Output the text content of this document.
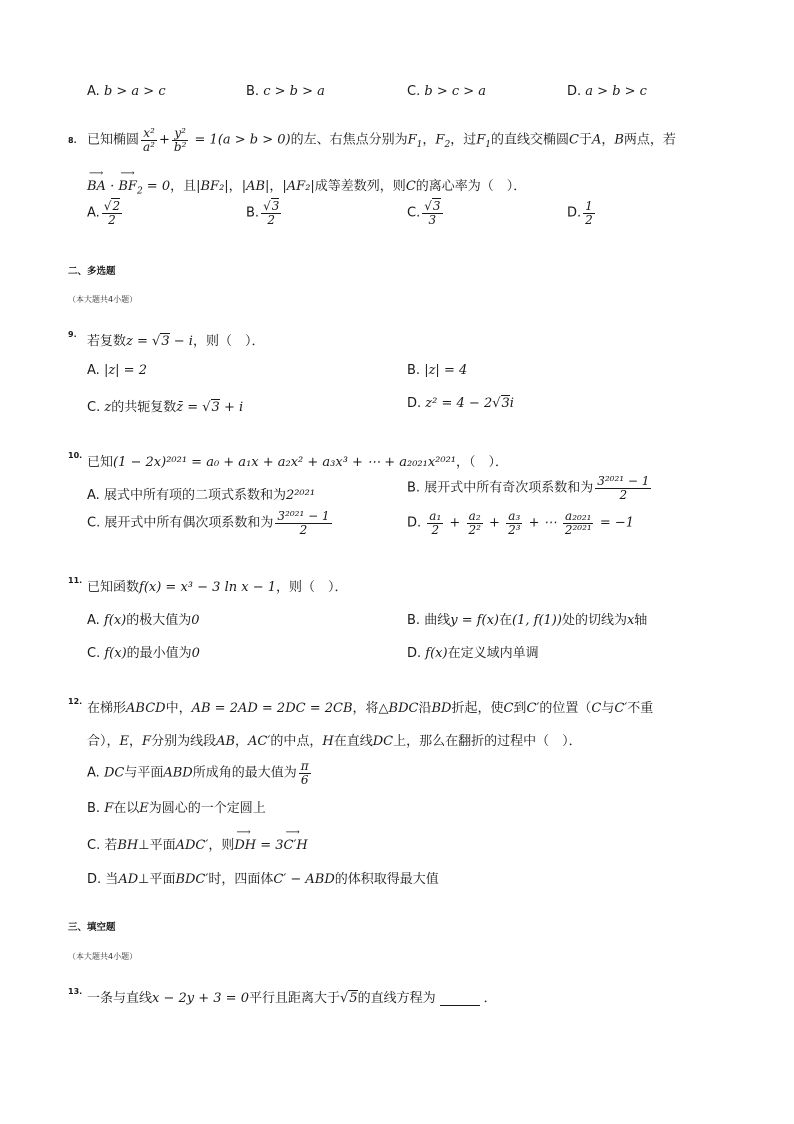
A. b > a > c	B. c > b > a	C. b > c > a	D. a > b > c
8. 已知椭圆 $\frac{\text{x²}}{\text{a²}} + \frac{\text{y²}}{\text{b²}} = 1(a > b > 0)$的左、右焦点分别为$F_1$，$F_2$，过$F_1$的直线交椭圆C于A，B两点，若
⟶ BA · ⟶ $BF_2 = 0$，且|BF₂|，|AB|，|AF₂|成等差数列，则C的离心率为（　）．
A. $\frac{√2}{2}$	B. $\frac{√3}{2}$	C. $\frac{√3}{3}$	D. $\frac{1}{2}$
二、多选题
（本大题共4小题）
9. 若复数z = √3 − i，则（　）．
A. |z| = 2	B. |z| = 4
C. z的共轭复数z̄ = √3 + i	D. z² = 4 − 2√3i
10. 已知(1 − 2x)²⁰²¹ = a₀ + a₁x + a₂x² + a₃x³ + ⋯ + a₂₀₂₁x²⁰²¹，（　）．
A. 展式中所有项的二项式系数和为2²⁰²¹	B. 展开式中所有奇次项系数和为 $\frac{\text{3²⁰²¹ − 1}}{2}$
C. 展开式中所有偶次项系数和为 $\frac{\text{3²⁰²¹ − 1}}{2}$	D. $\frac{\text{a₁}}{2} + \frac{\text{a₂}}{\text{2²}} + \frac{\text{a₃}}{\text{2³}}$ + ⋯ $\frac{\text{a₂₀₂₁}}{\text{2²⁰²¹}} = -1$
11. 已知函数f(x) = x³ − 3 ln x − 1，则（　）．
A. f(x)的极大值为0	B. 曲线y = f(x)在(1, f(1))处的切线为x轴
C. f(x)的最小值为0	D. f(x)在定义域内单调
12. 在梯形ABCD中，AB = 2AD = 2DC = 2CB，将△BDC沿BD折起，使C到C′的位置（C与C′不重
合），E，F分别为线段AB，AC′的中点，H在直线DC上，那么在翻折的过程中（　）．
A. DC与平面ABD所成角的最大值为 $\frac{\pi}{6}$
B. F在以E为圆心的一个定圆上
C. 若BH⊥平面ADC′，则⟶ DH = 3⟶ C′H
D. 当AD⊥平面BDC′时，四面体C′ − ABD的体积取得最大值
三、填空题
（本大题共4小题）
13. 一条与直线x − 2y + 3 = 0平行且距离大于√5的直线方程为	．
